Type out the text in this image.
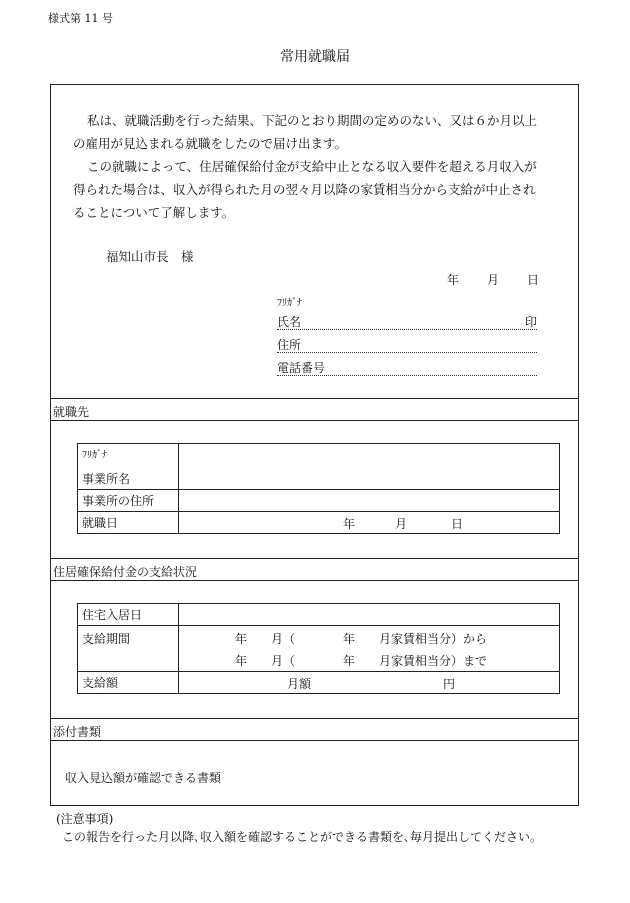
様式第 11 号
常用就職届

私は、就職活動を行った結果、下記のとおり期間の定めのない、又は６か月以上

の雇用が見込まれる就職をしたので届け出ます。

この就職によって、住居確保給付金が支給中止となる収入要件を超える月収入が

得られた場合は、収入が得られた月の翌々月以降の家賃相当分から支給が中止され

ることについて了解します。

福知山市長　様
年 月 日
ﾌﾘｶﾞﾅ
氏名	印
住所
電話番号
就職先
ﾌﾘｶﾞﾅ
事業所名	

事業所の住所	
就職日	年 月 日
住居確保給付金の支給状況
住宅入居日	
支給期間	年　　月（　　　　年　　月家賃相当分）から
年　　月（　　　　年　　月家賃相当分）まで

支給額	月額 円
添付書類
収入見込額が確認できる書類
(注意事項)
この報告を行った月以降､収入額を確認することができる書類を､毎月提出してください。
